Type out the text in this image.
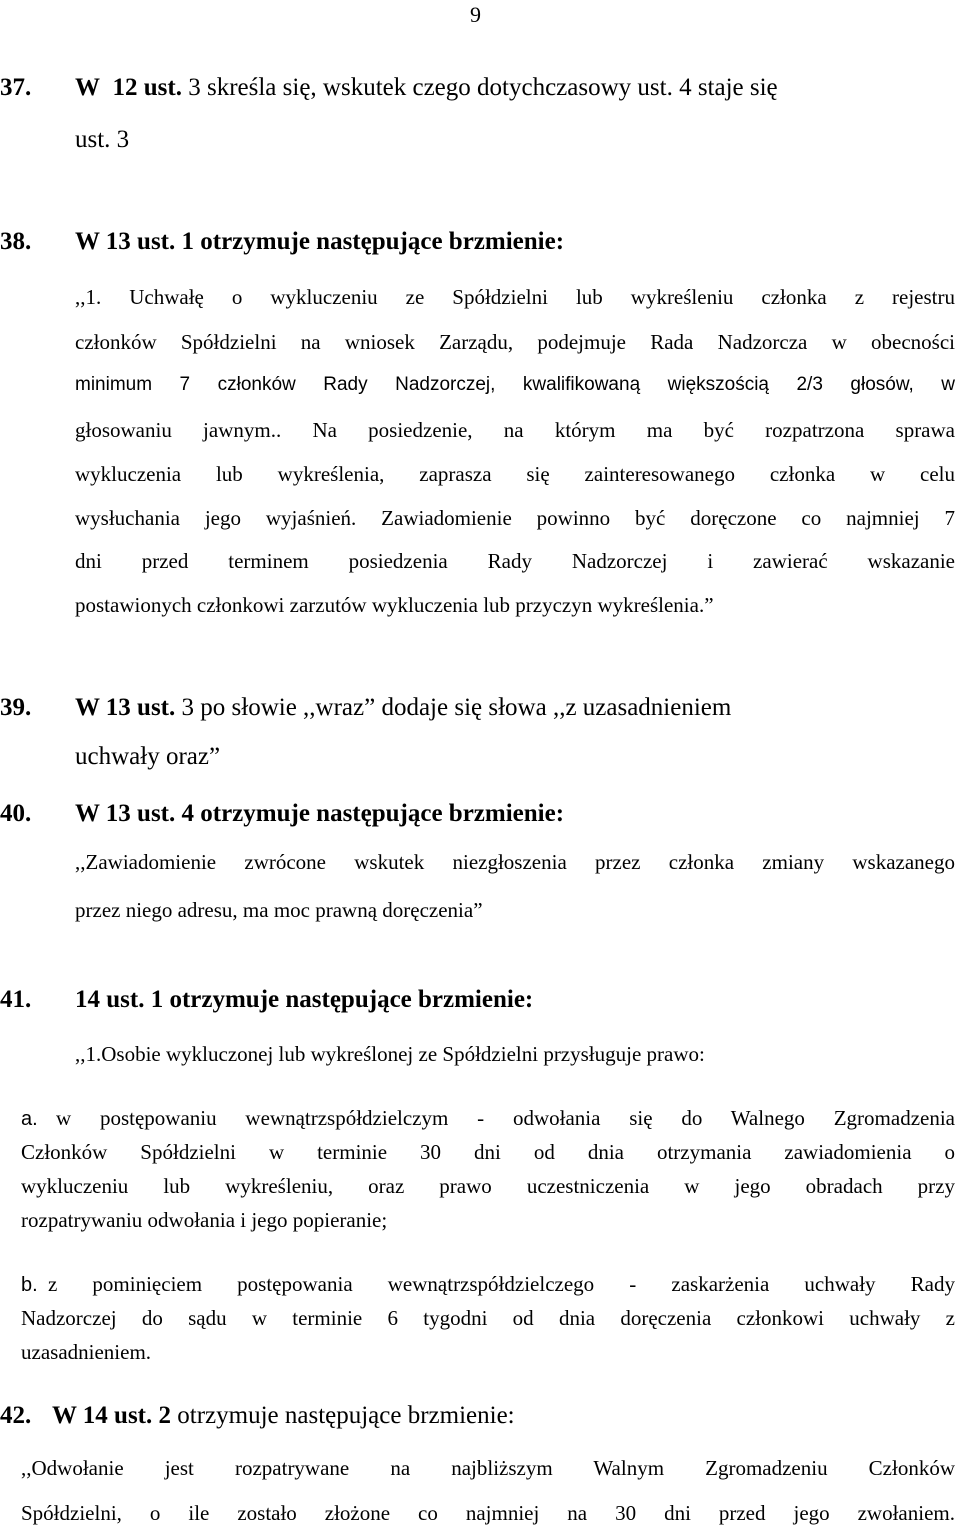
9
37. W 12 ust. 3 skreśla się, wskutek czego dotychczasowy ust. 4 staje się
ust. 3
38. W 13 ust. 1 otrzymuje następujące brzmienie:
,,1. Uchwałę o wykluczeniu ze Spółdzielni lub wykreśleniu członka z rejestru
członków Spółdzielni na wniosek Zarządu, podejmuje Rada Nadzorcza w obecności
minimum 7 członków Rady Nadzorczej, kwalifikowaną większością 2/3 głosów, w
głosowaniu jawnym.. Na posiedzenie, na którym ma być rozpatrzona sprawa
wykluczenia lub wykreślenia, zaprasza się zainteresowanego członka w celu
wysłuchania jego wyjaśnień. Zawiadomienie powinno być doręczone co najmniej 7
dni przed terminem posiedzenia Rady Nadzorczej i zawierać wskazanie
postawionych członkowi zarzutów wykluczenia lub przyczyn wykreślenia.”
39. W 13 ust. 3 po słowie ,,wraz” dodaje się słowa ,,z uzasadnieniem
uchwały oraz”
40. W 13 ust. 4 otrzymuje następujące brzmienie:
,,Zawiadomienie zwrócone wskutek niezgłoszenia przez członka zmiany wskazanego
przez niego adresu, ma moc prawną doręczenia”
41. 14 ust. 1 otrzymuje następujące brzmienie:
,,1.Osobie wykluczonej lub wykreślonej ze Spółdzielni przysługuje prawo:
a. w postępowaniu wewnątrzspółdzielczym - odwołania się do Walnego Zgromadzenia
Członków Spółdzielni w terminie 30 dni od dnia otrzymania zawiadomienia o
wykluczeniu lub wykreśleniu, oraz prawo uczestniczenia w jego obradach przy
rozpatrywaniu odwołania i jego popieranie;
b. z pominięciem postępowania wewnątrzspółdzielczego - zaskarżenia uchwały Rady
Nadzorczej do sądu w terminie 6 tygodni od dnia doręczenia członkowi uchwały z
uzasadnieniem.
42. W 14 ust. 2 otrzymuje następujące brzmienie:
,,Odwołanie jest rozpatrywane na najbliższym Walnym Zgromadzeniu Członków
Spółdzielni, o ile zostało złożone co najmniej na 30 dni przed jego zwołaniem.
